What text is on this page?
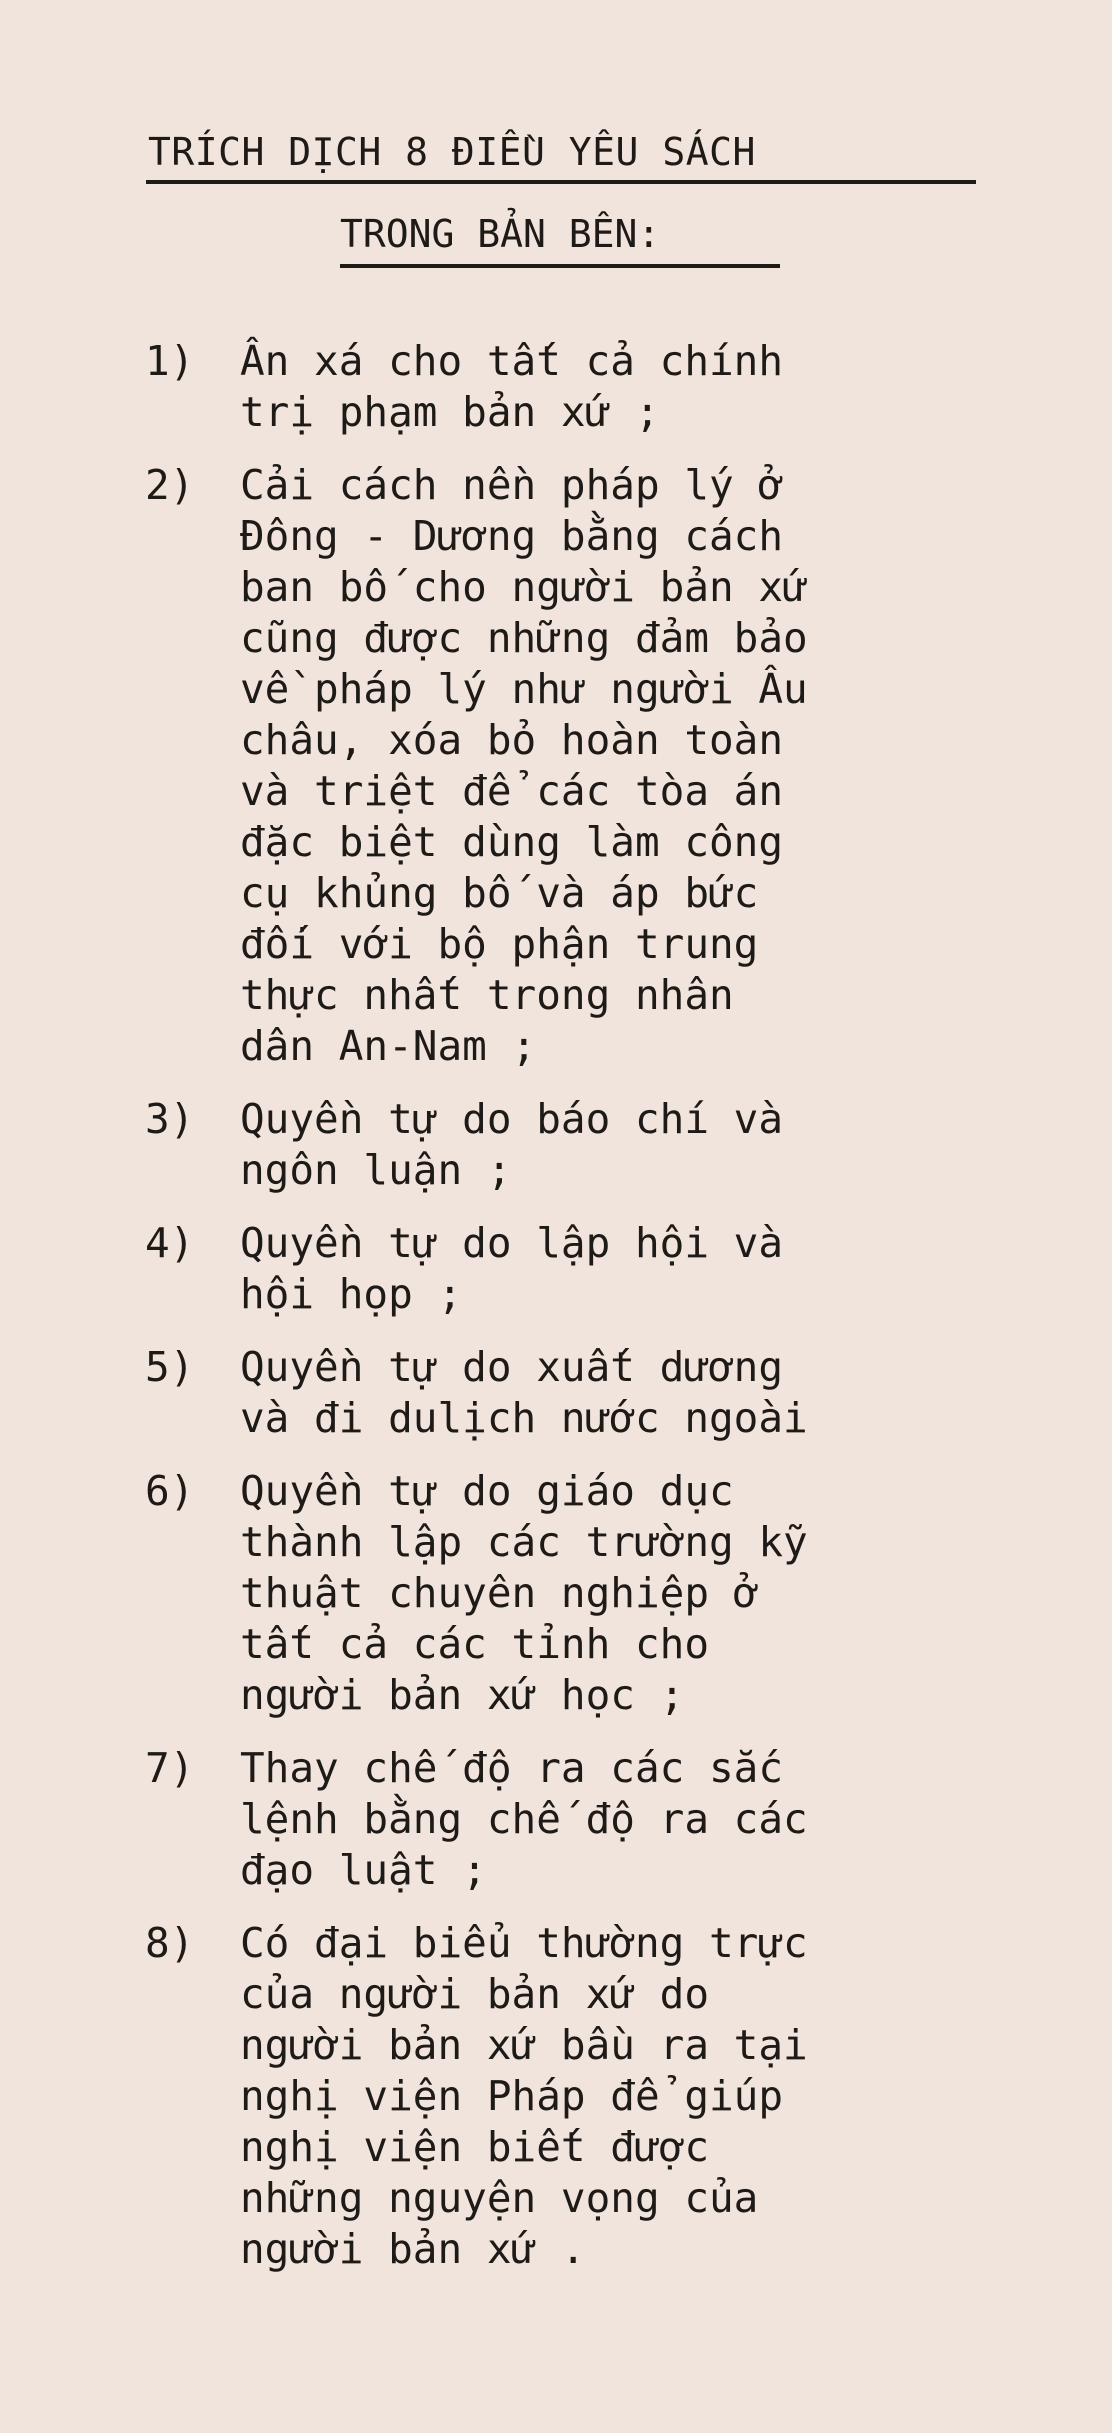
TRÍCH DỊCH 8 ĐIỀU YÊU SÁCH
TRONG BẢN BÊN:
1)	Ân xá cho tất cả chính
trị phạm bản xứ ;
2)	Cải cách nền pháp lý ở
Đông - Dương bằng cách
ban bố cho người bản xứ
cũng được những đảm bảo
về pháp lý như người Âu
châu, xóa bỏ hoàn toàn
và triệt để các tòa án
đặc biệt dùng làm công
cụ khủng bố và áp bức
đối với bộ phận trung
thực nhất trong nhân
dân An-Nam ;
3)	Quyền tự do báo chí và
ngôn luận ;
4)	Quyền tự do lập hội và
hội họp ;
5)	Quyền tự do xuất dương
và đi dulịch nước ngoài
6)	Quyền tự do giáo dục
thành lập các trường kỹ
thuật chuyên nghiệp ở
tất cả các tỉnh cho
người bản xứ học ;
7)	Thay chế độ ra các sắc
lệnh bằng chế độ ra các
đạo luật ;
8)	Có đại biểu thường trực
của người bản xứ do
người bản xứ bầu ra tại
nghị viện Pháp để giúp
nghị viện biết được
những nguyện vọng của
người bản xứ .
